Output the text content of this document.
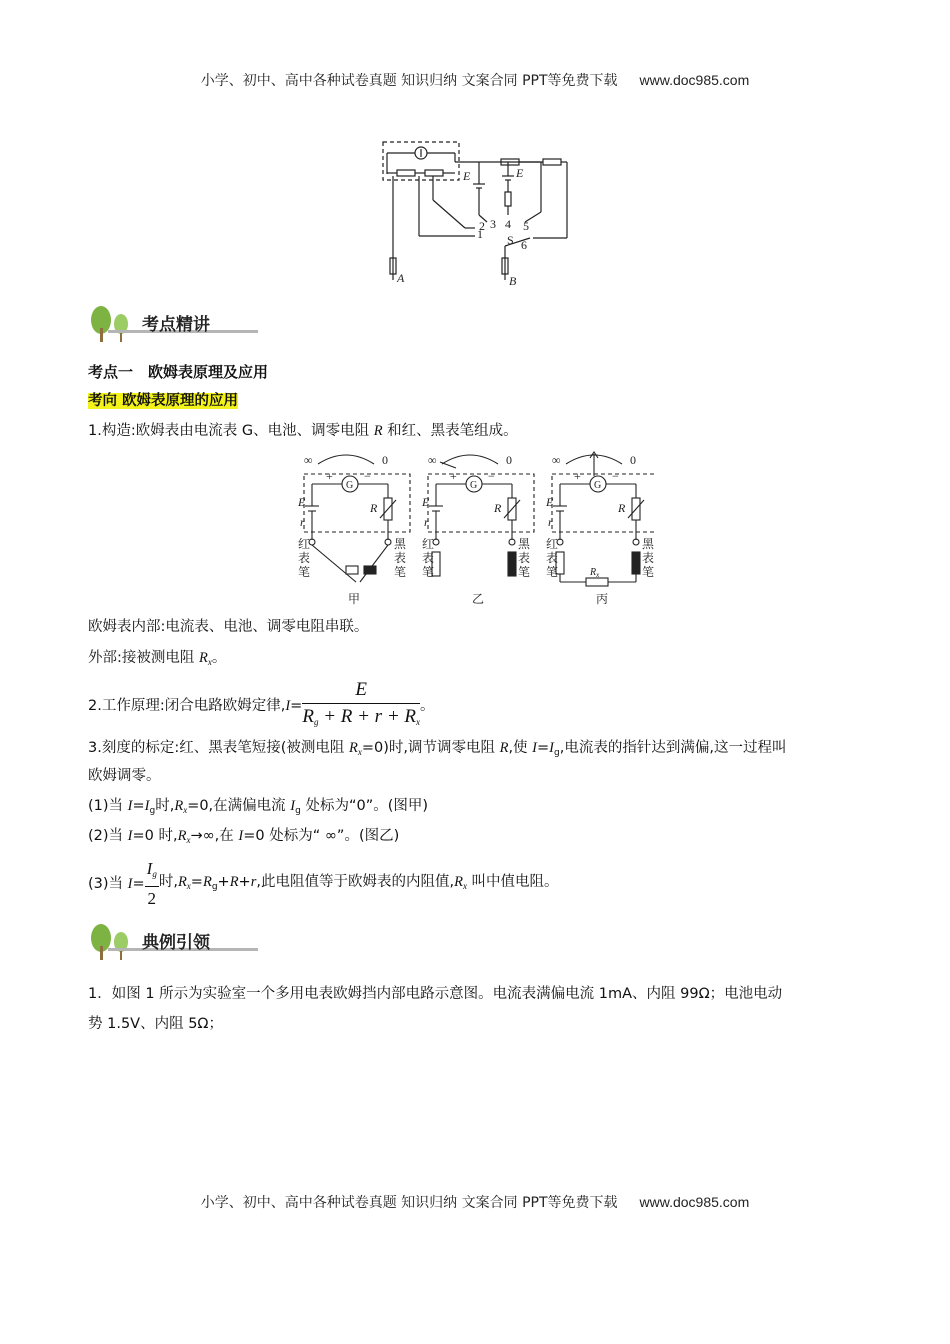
小学、初中、高中各种试卷真题 知识归纳 文案合同 PPT等免费下载 www.doc985.com
E	E
1
2 3 4 5
6
S
A	B
考点精讲
考点一　欧姆表原理及应用
考向 欧姆表原理的应用
1.构造:欧姆表由电流表 G、电池、调零电阻 R 和红、黑表笔组成。
∞	0
+	−
G
E
r
R
红
表
笔
黑
表
笔
甲
∞	0
+	−
G
E
r
R
红
表
笔
黑
表
笔
乙
∞	0
+	−
G
E
r
R
红
表
笔
黑
表
笔
$R_x$
丙
欧姆表内部:电流表、电池、调零电阻串联。
外部:接被测电阻 $R_x$。
2.工作原理:闭合电路欧姆定律$,I= \frac{E}{R_g + R + r + R_x}$ 。
3.刻度的标定:红、黑表笔短接(被测电阻 $R_x=0$)时,调节调零电阻 R,使 $I=I_g$,电流表的指针达到满偏,这一过程叫
欧姆调零。
(1)当 $I=I_g$时$,R_x=0$,在满偏电流 $I_g$ 处标为“0”。(图甲)
(2)当 I=0 时$,R_x\to\infty$,在 I=0 处标为“ ∞”。(图乙)
(3)当 $I= \frac{I_g}{2}$ 时$,R_x=R_g+R+r$,此电阻值等于欧姆表的内阻值$,R_x$ 叫中值电阻。
典例引领
1．如图 1 所示为实验室一个多用电表欧姆挡内部电路示意图。电流表满偏电流 1mA、内阻 99Ω；电池电动
势 1.5V、内阻 5Ω；
小学、初中、高中各种试卷真题 知识归纳 文案合同 PPT等免费下载 www.doc985.com
